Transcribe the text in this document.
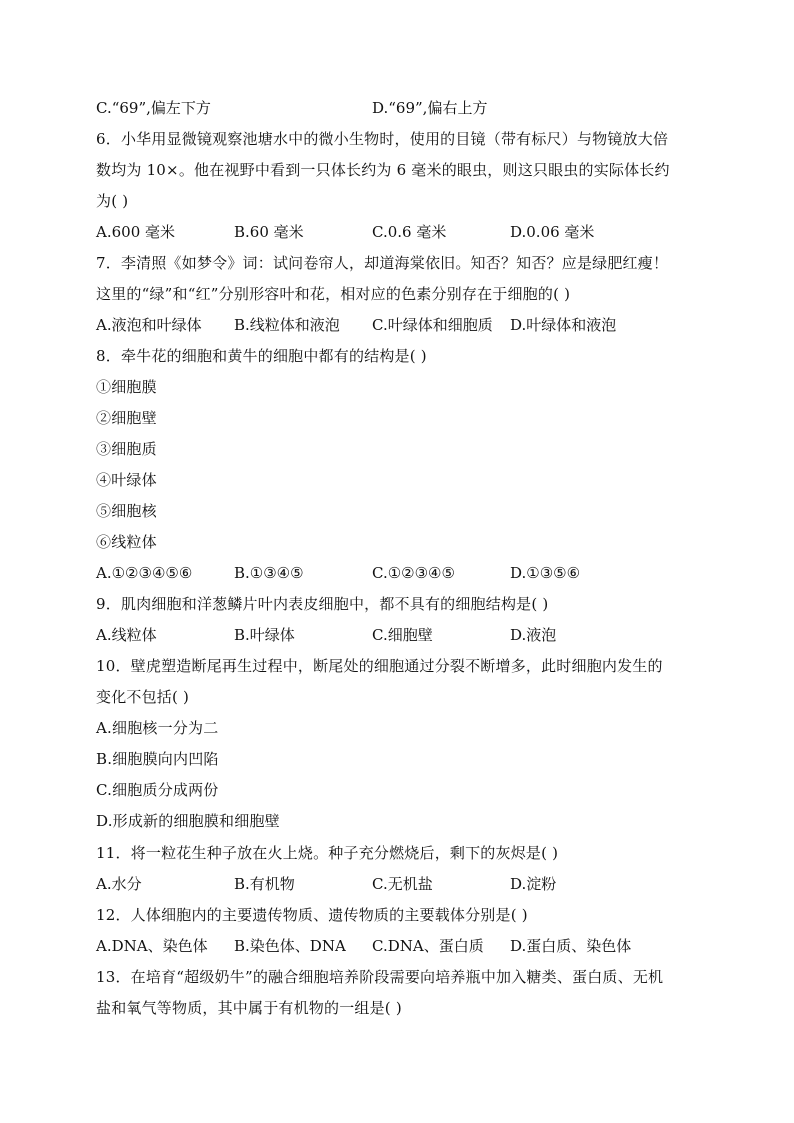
C.“69”,偏左下方	D.“69”,偏右上方
6．小华用显微镜观察池塘水中的微小生物时，使用的目镜（带有标尺）与物镜放大倍
数均为 10×。他在视野中看到一只体长约为 6 毫米的眼虫，则这只眼虫的实际体长约
为( )
A.600 毫米	B.60 毫米	C.0.6 毫米	D.0.06 毫米
7．李清照《如梦令》词：试问卷帘人，却道海棠依旧。知否？知否？应是绿肥红瘦！
这里的“绿”和“红”分别形容叶和花，相对应的色素分别存在于细胞的( )
A.液泡和叶绿体 B.线粒体和液泡 C.叶绿体和细胞质 D.叶绿体和液泡
8．牵牛花的细胞和黄牛的细胞中都有的结构是( )
①细胞膜
②细胞壁
③细胞质
④叶绿体
⑤细胞核
⑥线粒体
A.①②③④⑤⑥	B.①③④⑤	C.①②③④⑤	D.①③⑤⑥
9．肌肉细胞和洋葱鳞片叶内表皮细胞中，都不具有的细胞结构是( )
A.线粒体	B.叶绿体	C.细胞壁	D.液泡
10．壁虎塑造断尾再生过程中，断尾处的细胞通过分裂不断增多，此时细胞内发生的
变化不包括( )
A.细胞核一分为二
B.细胞膜向内凹陷
C.细胞质分成两份
D.形成新的细胞膜和细胞壁
11．将一粒花生种子放在火上烧。种子充分燃烧后，剩下的灰烬是( )
A.水分	B.有机物	C.无机盐	D.淀粉
12．人体细胞内的主要遗传物质、遗传物质的主要载体分别是( )
A.DNA、染色体 B.染色体、DNA C.DNA、蛋白质 D.蛋白质、染色体
13．在培育“超级奶牛”的融合细胞培养阶段需要向培养瓶中加入糖类、蛋白质、无机
盐和氧气等物质，其中属于有机物的一组是( )
